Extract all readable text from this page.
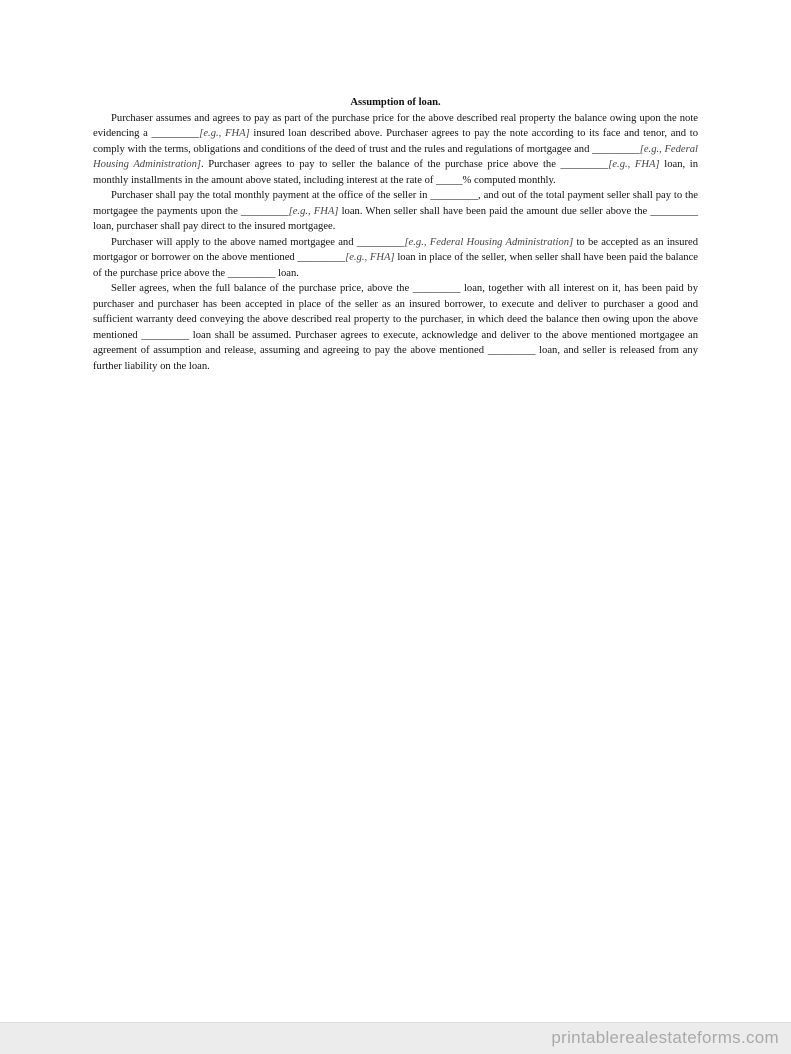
Assumption of loan.

Purchaser assumes and agrees to pay as part of the purchase price for the above described real property the balance owing upon the note evidencing a _________[e.g., FHA] insured loan described above. Purchaser agrees to pay the note according to its face and tenor, and to comply with the terms, obligations and conditions of the deed of trust and the rules and regulations of mortgagee and _________[e.g., Federal Housing Administration]. Purchaser agrees to pay to seller the balance of the purchase price above the _________[e.g., FHA] loan, in monthly installments in the amount above stated, including interest at the rate of _____% computed monthly.

Purchaser shall pay the total monthly payment at the office of the seller in _________, and out of the total payment seller shall pay to the mortgagee the payments upon the _________[e.g., FHA] loan. When seller shall have been paid the amount due seller above the _________ loan, purchaser shall pay direct to the insured mortgagee.

Purchaser will apply to the above named mortgagee and _________[e.g., Federal Housing Administration] to be accepted as an insured mortgagor or borrower on the above mentioned _________[e.g., FHA] loan in place of the seller, when seller shall have been paid the balance of the purchase price above the _________ loan.

Seller agrees, when the full balance of the purchase price, above the _________ loan, together with all interest on it, has been paid by purchaser and purchaser has been accepted in place of the seller as an insured borrower, to execute and deliver to purchaser a good and sufficient warranty deed conveying the above described real property to the purchaser, in which deed the balance then owing upon the above mentioned _________ loan shall be assumed. Purchaser agrees to execute, acknowledge and deliver to the above mentioned mortgagee an agreement of assumption and release, assuming and agreeing to pay the above mentioned _________ loan, and seller is released from any further liability on the loan.

printablerealestateforms.com
